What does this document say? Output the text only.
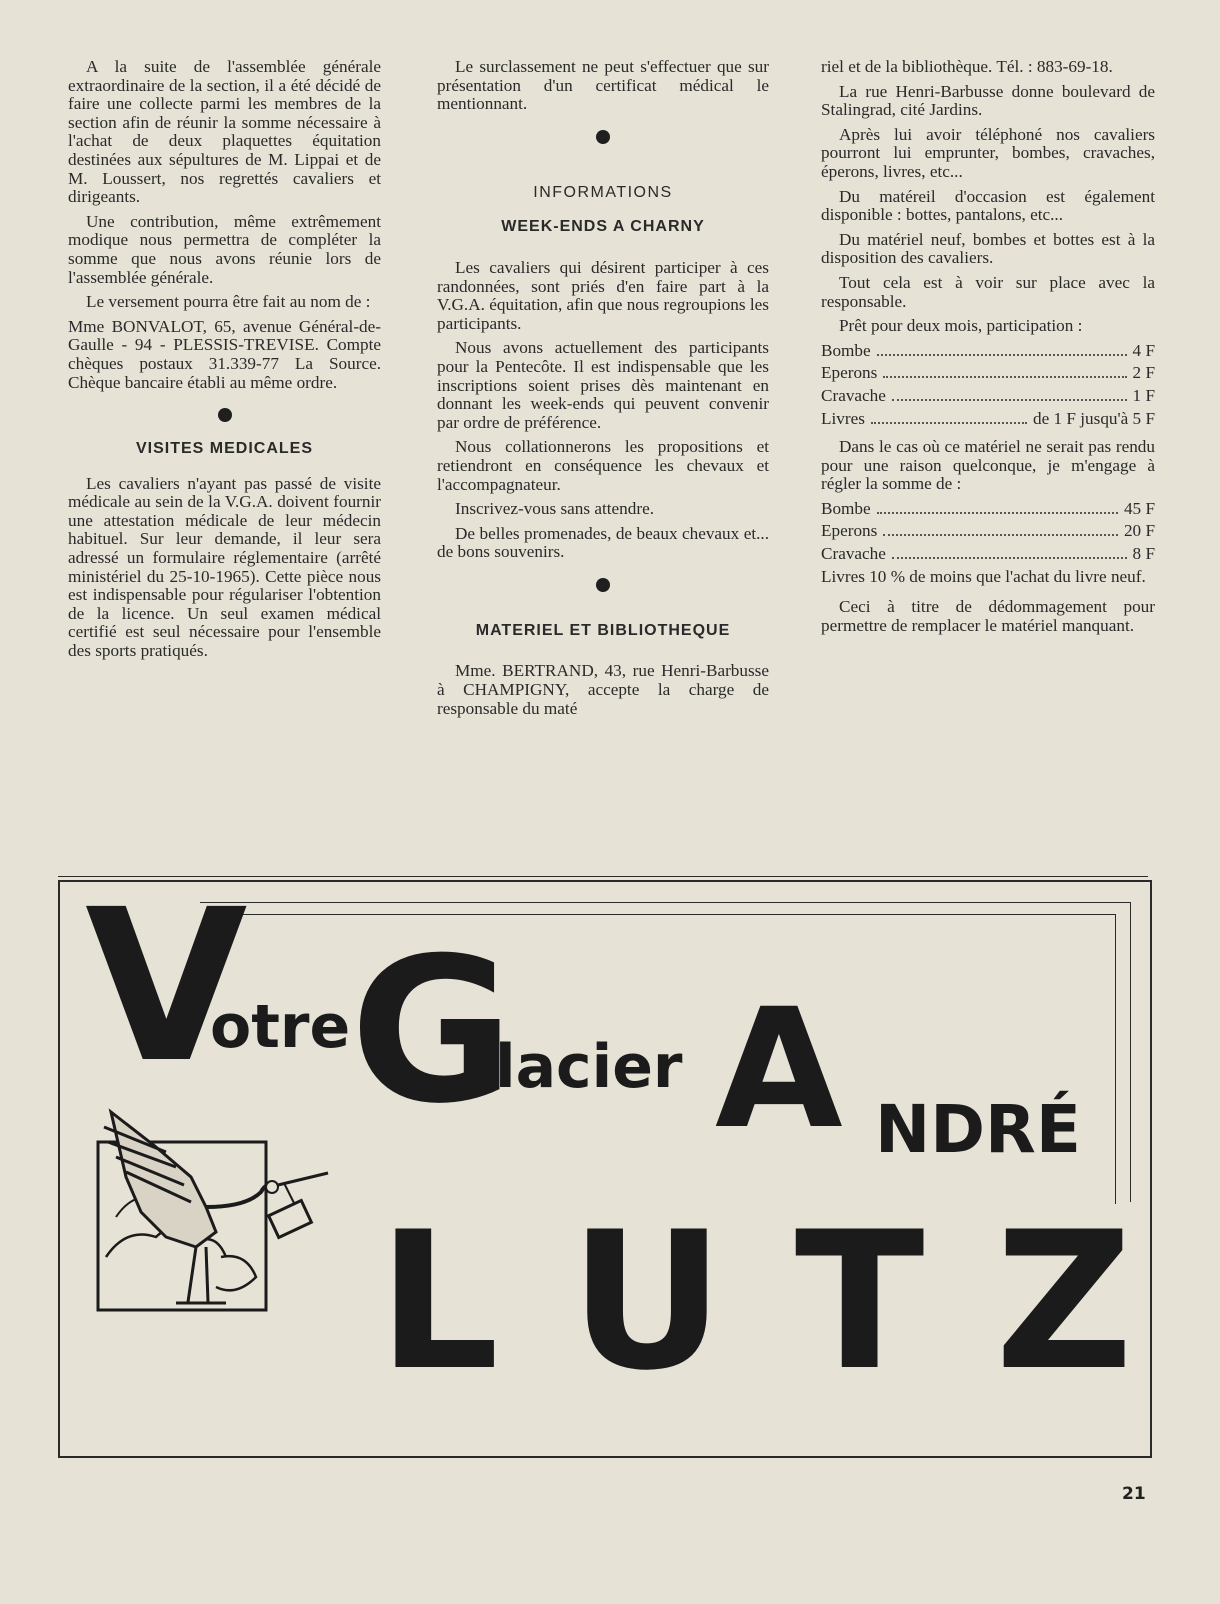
A la suite de l'assemblée générale extraordinaire de la section, il a été décidé de faire une collecte parmi les membres de la section afin de réunir la somme nécessaire à l'achat de deux plaquettes équitation destinées aux sépultures de M. Lippai et de M. Loussert, nos regrettés cavaliers et dirigeants.

Une contribution, même extrêmement modique nous permettra de compléter la somme que nous avons réunie lors de l'assemblée générale.

Le versement pourra être fait au nom de :

Mme BONVALOT, 65, avenue Général-de-Gaulle - 94 - PLESSIS-TREVISE. Compte chèques postaux 31.339-77 La Source. Chèque bancaire établi au même ordre.

VISITES MEDICALES

Les cavaliers n'ayant pas passé de visite médicale au sein de la V.G.A. doivent fournir une attestation médicale de leur médecin habituel. Sur leur demande, il leur sera adressé un formulaire réglementaire (arrêté ministériel du 25-10-1965). Cette pièce nous est indispensable pour régulariser l'obtention de la licence. Un seul examen médical certifié est seul nécessaire pour l'ensemble des sports pratiqués.

Le surclassement ne peut s'effectuer que sur présentation d'un certificat médical le mentionnant.

INFORMATIONS
WEEK-ENDS A CHARNY

Les cavaliers qui désirent participer à ces randonnées, sont priés d'en faire part à la V.G.A. équitation, afin que nous regroupions les participants.

Nous avons actuellement des participants pour la Pentecôte. Il est indispensable que les inscriptions soient prises dès maintenant en donnant les week-ends qui peuvent convenir par ordre de préférence.

Nous collationnerons les propositions et retiendront en conséquence les chevaux et l'accompagnateur.

Inscrivez-vous sans attendre.

De belles promenades, de beaux chevaux et... de bons souvenirs.

MATERIEL ET BIBLIOTHEQUE

Mme. BERTRAND, 43, rue Henri-Barbusse à CHAMPIGNY, accepte la charge de responsable du maté

riel et de la bibliothèque. Tél. : 883-69-18.

La rue Henri-Barbusse donne boulevard de Stalingrad, cité Jardins.

Après lui avoir téléphoné nos cavaliers pourront lui emprunter, bombes, cravaches, éperons, livres, etc...

Du matéreil d'occasion est également disponible : bottes, pantalons, etc...

Du matériel neuf, bombes et bottes est à la disposition des cavaliers.

Tout cela est à voir sur place avec la responsable.

Prêt pour deux mois, participation :

Bombe	4 F
Eperons	2 F
Cravache	1 F
Livres	de 1 F jusqu'à 5 F

Dans le cas où ce matériel ne serait pas rendu pour une raison quelconque, je m'engage à régler la somme de :

Bombe	45 F
Eperons	20 F
Cravache	8 F

Livres 10 % de moins que l'achat du livre neuf.

Ceci à titre de dédommagement pour permettre de remplacer le matériel manquant.

V
otre G
lacier A NDRÉ
L U T Z
21
